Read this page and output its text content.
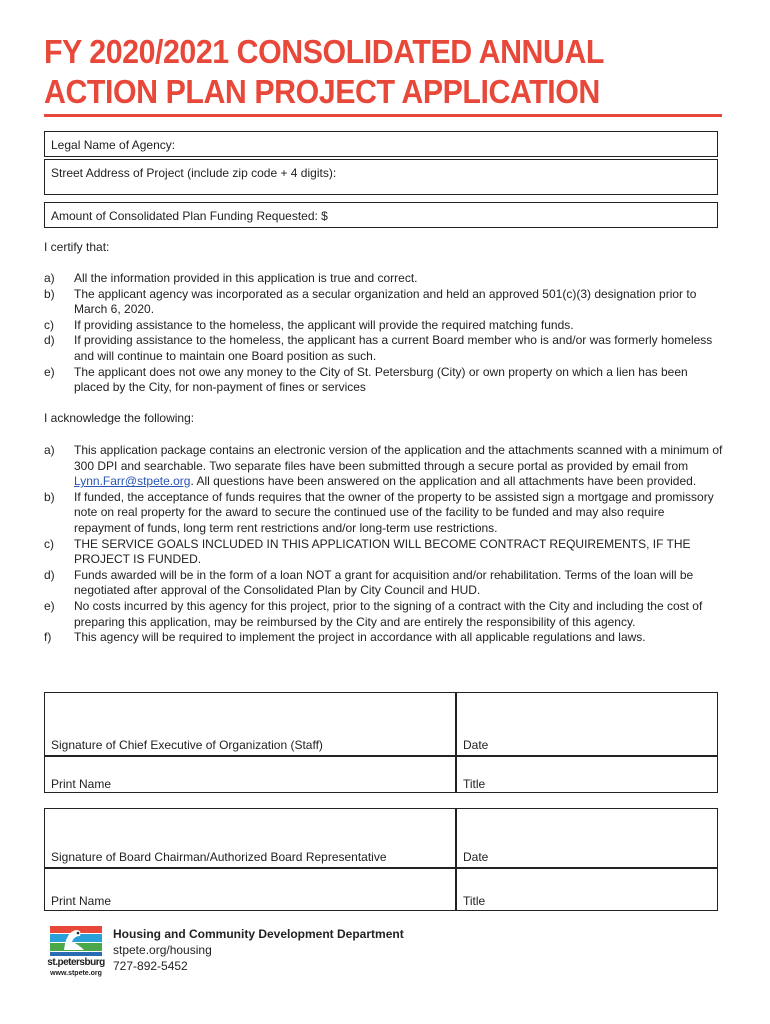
FY 2020/2021 CONSOLIDATED ANNUAL
ACTION PLAN PROJECT APPLICATION
Legal Name of Agency:
Street Address of Project (include zip code + 4 digits):
Amount of Consolidated Plan Funding Requested: $
I certify that:
a)	All the information provided in this application is true and correct.
b)	The applicant agency was incorporated as a secular organization and held an approved 501(c)(3) designation prior to March 6, 2020.
c)	If providing assistance to the homeless, the applicant will provide the required matching funds.
d)	If providing assistance to the homeless, the applicant has a current Board member who is and/or was formerly homeless and will continue to maintain one Board position as such.
e)	The applicant does not owe any money to the City of St. Petersburg (City) or own property on which a lien has been placed by the City, for non-payment of fines or services
I acknowledge the following:
a)	This application package contains an electronic version of the application and the attachments scanned with a minimum of 300 DPI and searchable. Two separate files have been submitted through a secure portal as provided by email from Lynn.Farr@stpete.org. All questions have been answered on the application and all attachments have been provided.
b)	If funded, the acceptance of funds requires that the owner of the property to be assisted sign a mortgage and promissory note on real property for the award to secure the continued use of the facility to be funded and may also require repayment of funds, long term rent restrictions and/or long-term use restrictions.
c)	THE SERVICE GOALS INCLUDED IN THIS APPLICATION WILL BECOME CONTRACT REQUIREMENTS, IF THE PROJECT IS FUNDED.
d)	Funds awarded will be in the form of a loan NOT a grant for acquisition and/or rehabilitation. Terms of the loan will be negotiated after approval of the Consolidated Plan by City Council and HUD.
e)	No costs incurred by this agency for this project, prior to the signing of a contract with the City and including the cost of preparing this application, may be reimbursed by the City and are entirely the responsibility of this agency.
f)	This agency will be required to implement the project in accordance with all applicable regulations and laws.
Signature of Chief Executive of Organization (Staff)	Date
Print Name	Title
Signature of Board Chairman/Authorized Board Representative	Date
Print Name	Title
st.petersburg
www.stpete.org
Housing and Community Development Department
stpete.org/housing
727-892-5452
